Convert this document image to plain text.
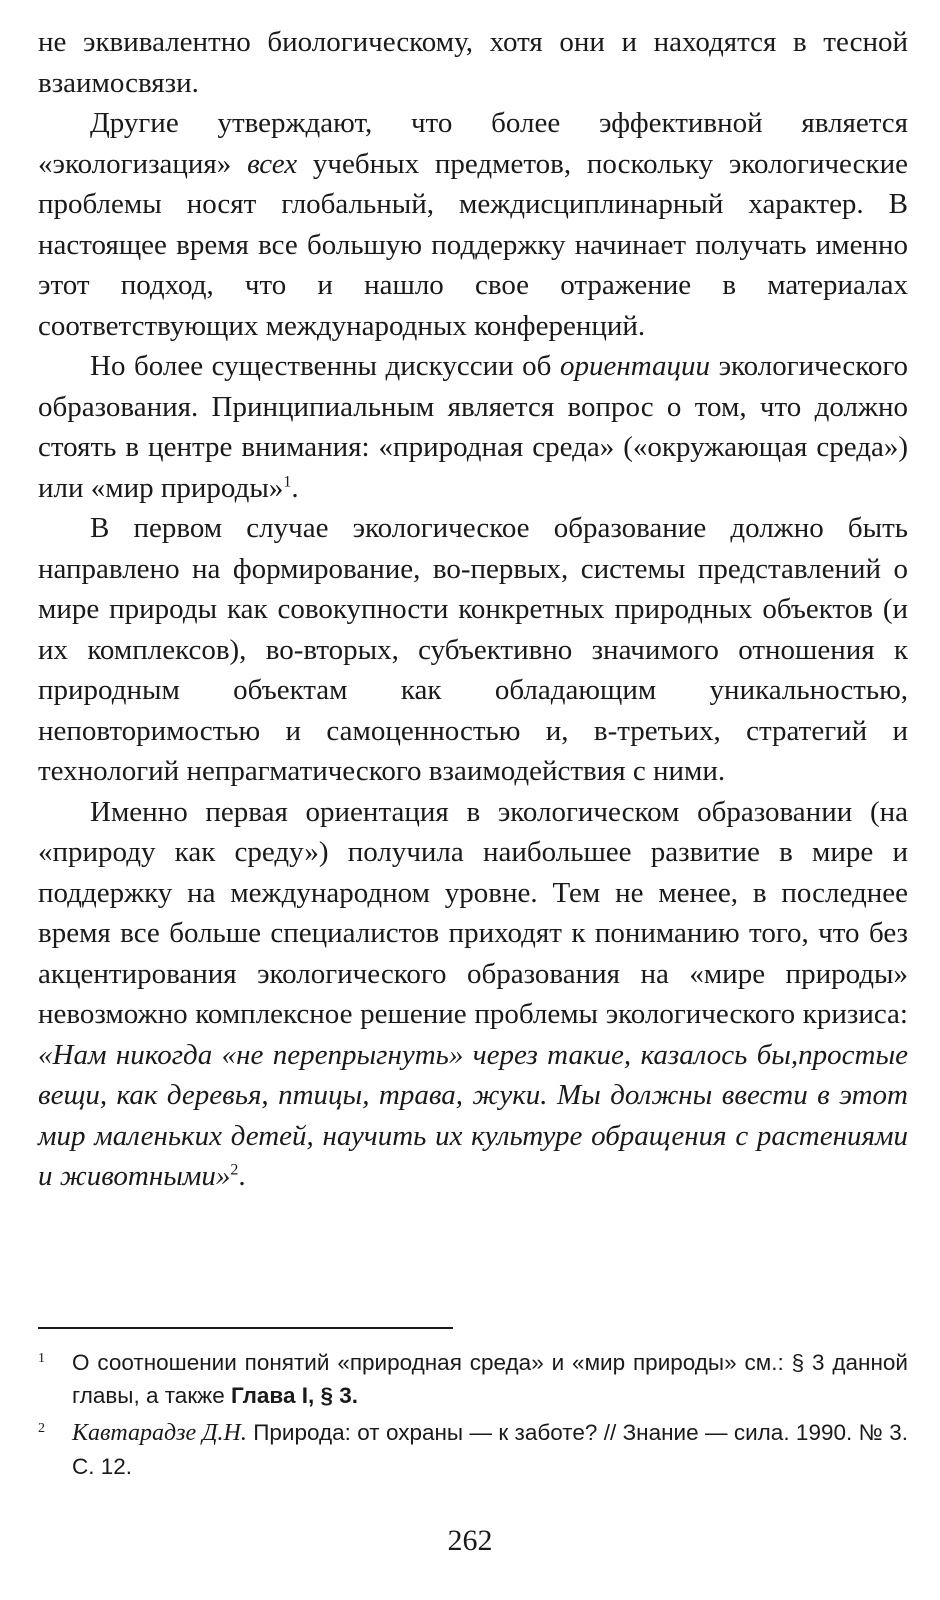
не эквивалентно биологическому, хотя они и находятся в тесной взаимосвязи.

Другие утверждают, что более эффективной является «экологизация» всех учебных предметов, поскольку экологические проблемы носят глобальный, междисциплинарный характер. В настоящее время все большую поддержку начинает получать именно этот подход, что и нашло свое отражение в материалах соответствующих международных конференций.

Но более существенны дискуссии об ориентации экологического образования. Принципиальным является вопрос о том, что должно стоять в центре внимания: «природная среда» («окружающая среда») или «мир природы»$^1$.

В первом случае экологическое образование должно быть направлено на формирование, во-первых, системы представлений о мире природы как совокупности конкретных природных объектов (и их комплексов), во-вторых, субъективно значимого отношения к природным объектам как обладающим уникальностью, неповторимостью и самоценностью и, в-третьих, стратегий и технологий непрагматического взаимодействия с ними.

Именно первая ориентация в экологическом образовании (на «природу как среду») получила наибольшее развитие в мире и поддержку на международном уровне. Тем не менее, в последнее время все больше специалистов приходят к пониманию того, что без акцентирования экологического образования на «мире природы» невозможно комплексное решение проблемы экологического кризиса: «Нам никогда «не перепрыгнуть» через такие, казалось бы,простые вещи, как деревья, птицы, трава, жуки. Мы должны ввести в этот мир маленьких детей, научить их культуре обращения с растениями и животными»$^2$.

1 О соотношении понятий «природная среда» и «мир природы» см.: § 3 данной главы, а также Глава I, § 3.
2 Кавтарадзе Д.Н. Природа: от охраны — к заботе? // Знание — сила. 1990. № 3. С. 12.
262
